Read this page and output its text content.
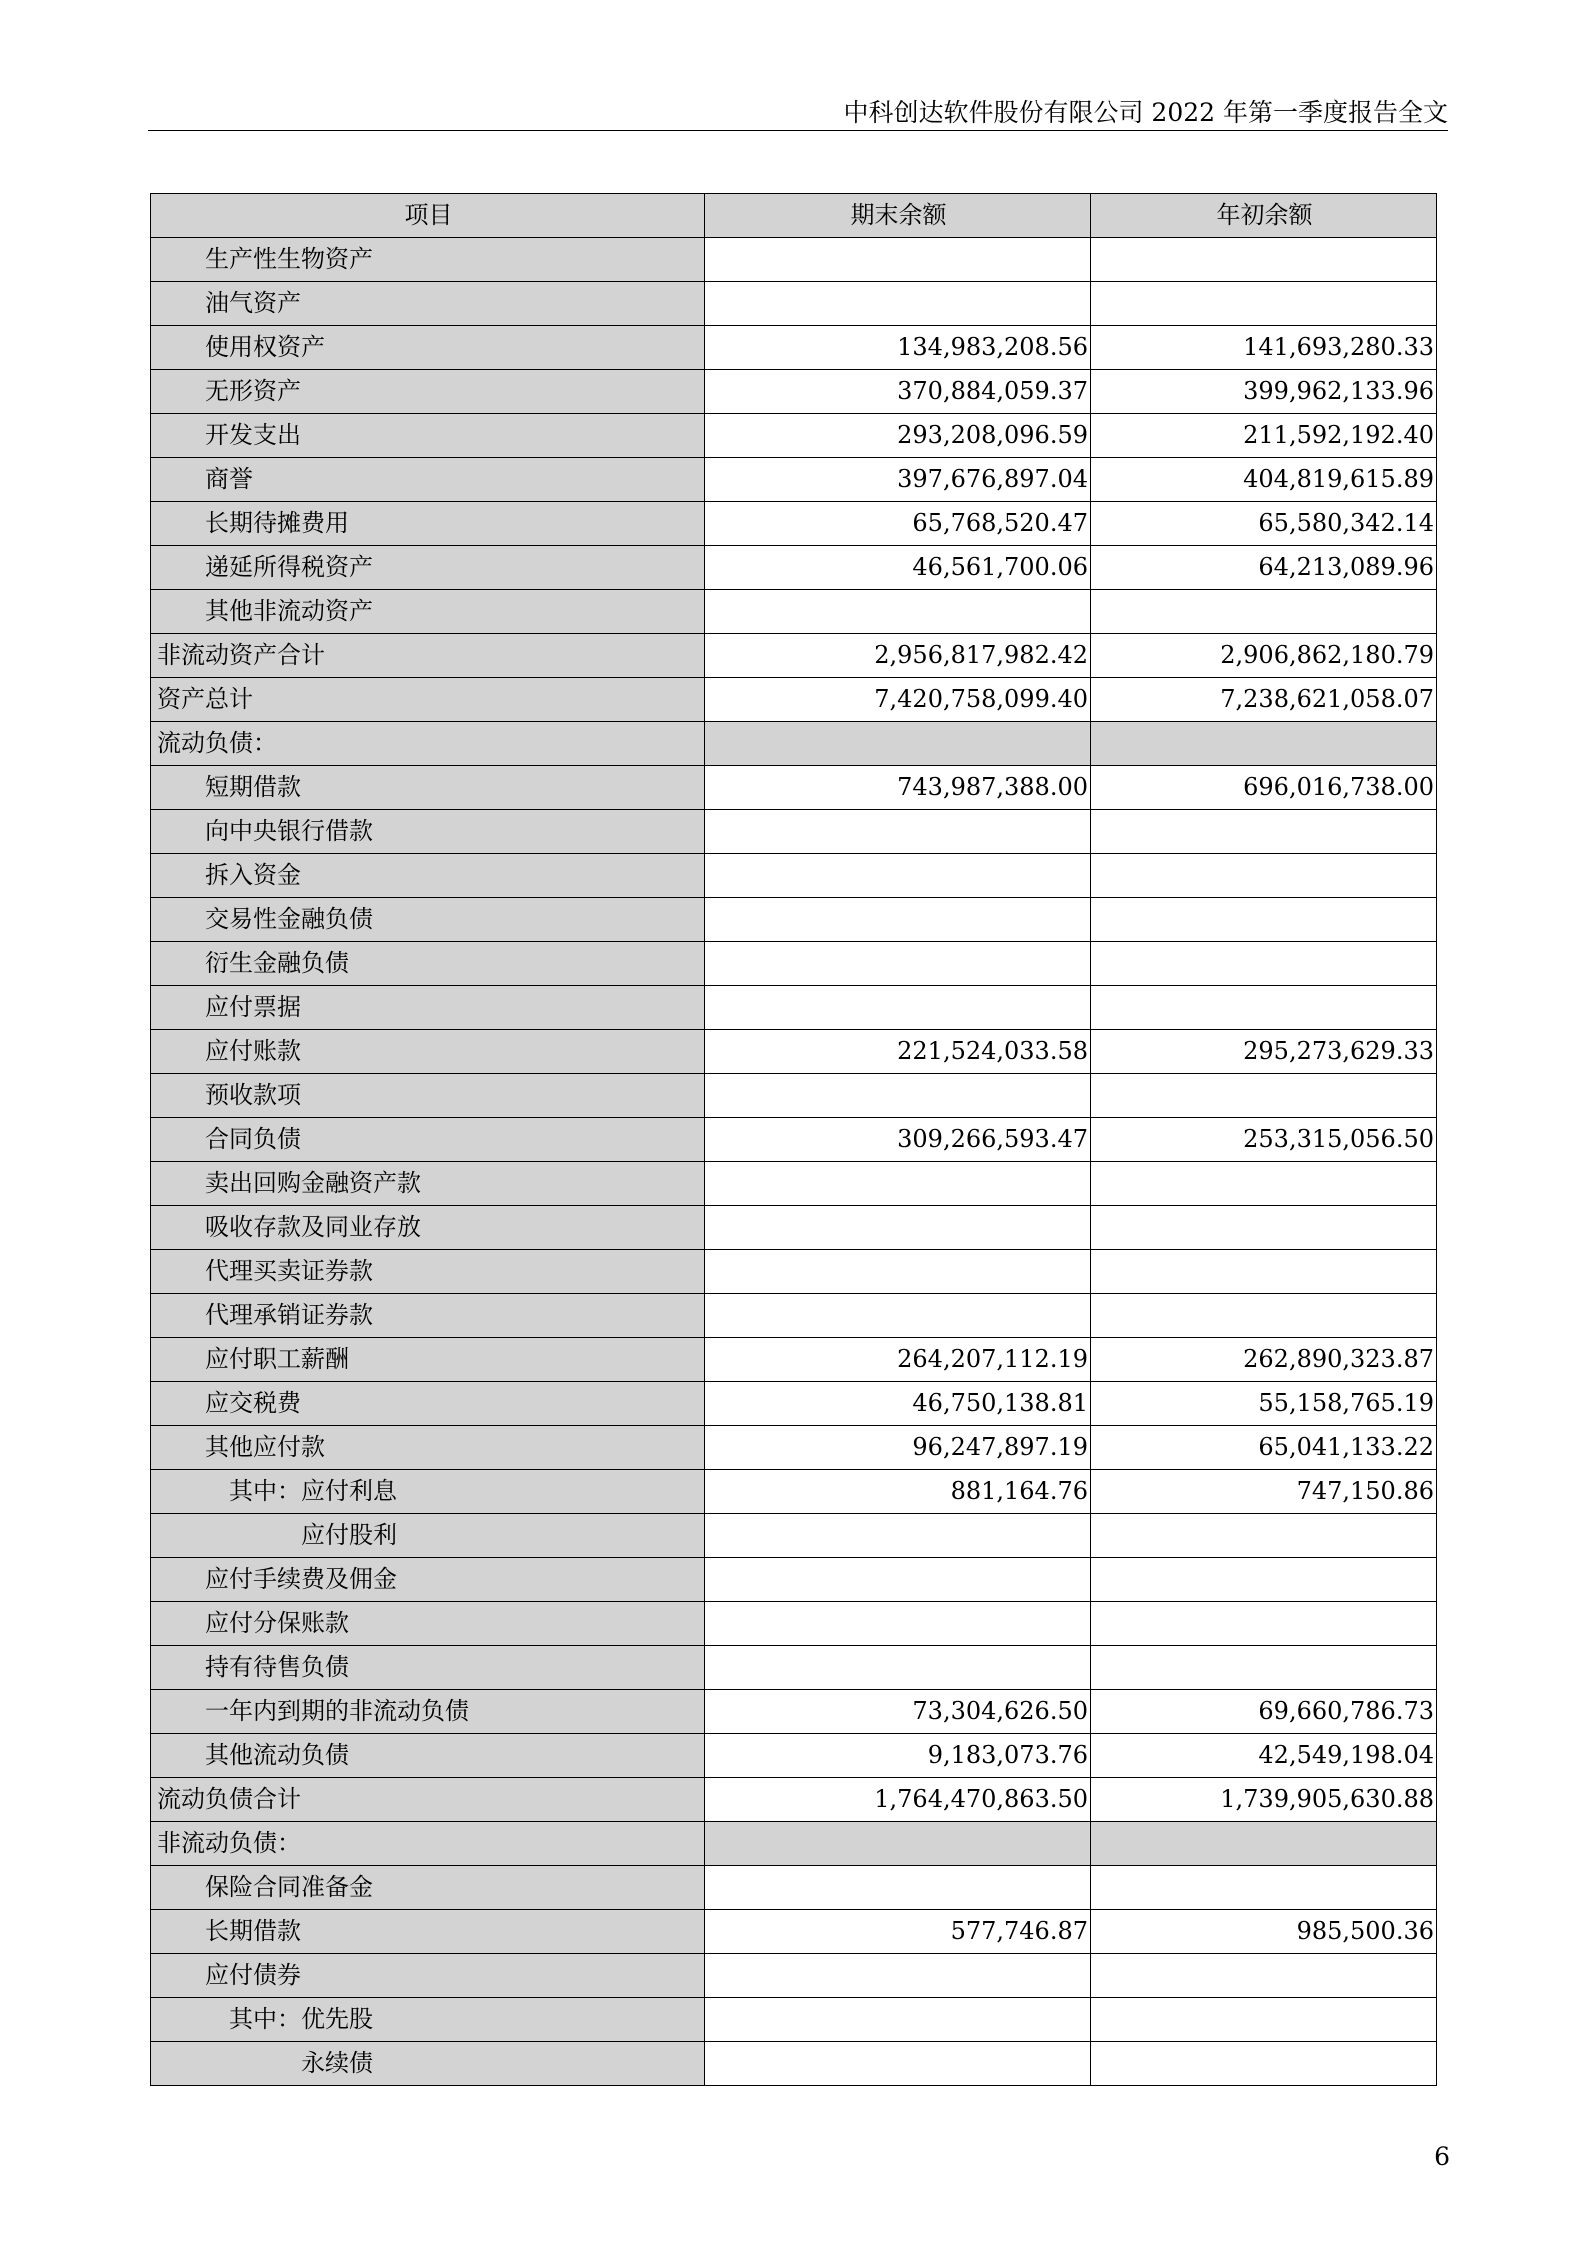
中科创达软件股份有限公司 2022 年第一季度报告全文
项目	期末余额	年初余额
生产性生物资产		
油气资产		
使用权资产	134,983,208.56	141,693,280.33
无形资产	370,884,059.37	399,962,133.96
开发支出	293,208,096.59	211,592,192.40
商誉	397,676,897.04	404,819,615.89
长期待摊费用	65,768,520.47	65,580,342.14
递延所得税资产	46,561,700.06	64,213,089.96
其他非流动资产		
非流动资产合计	2,956,817,982.42	2,906,862,180.79
资产总计	7,420,758,099.40	7,238,621,058.07
流动负债：		
短期借款	743,987,388.00	696,016,738.00
向中央银行借款		
拆入资金		
交易性金融负债		
衍生金融负债		
应付票据		
应付账款	221,524,033.58	295,273,629.33
预收款项		
合同负债	309,266,593.47	253,315,056.50
卖出回购金融资产款		
吸收存款及同业存放		
代理买卖证券款		
代理承销证券款		
应付职工薪酬	264,207,112.19	262,890,323.87
应交税费	46,750,138.81	55,158,765.19
其他应付款	96,247,897.19	65,041,133.22
其中：应付利息	881,164.76	747,150.86
应付股利		
应付手续费及佣金		
应付分保账款		
持有待售负债		
一年内到期的非流动负债	73,304,626.50	69,660,786.73
其他流动负债	9,183,073.76	42,549,198.04
流动负债合计	1,764,470,863.50	1,739,905,630.88
非流动负债：		
保险合同准备金		
长期借款	577,746.87	985,500.36
应付债券		
其中：优先股		
永续债		
6
